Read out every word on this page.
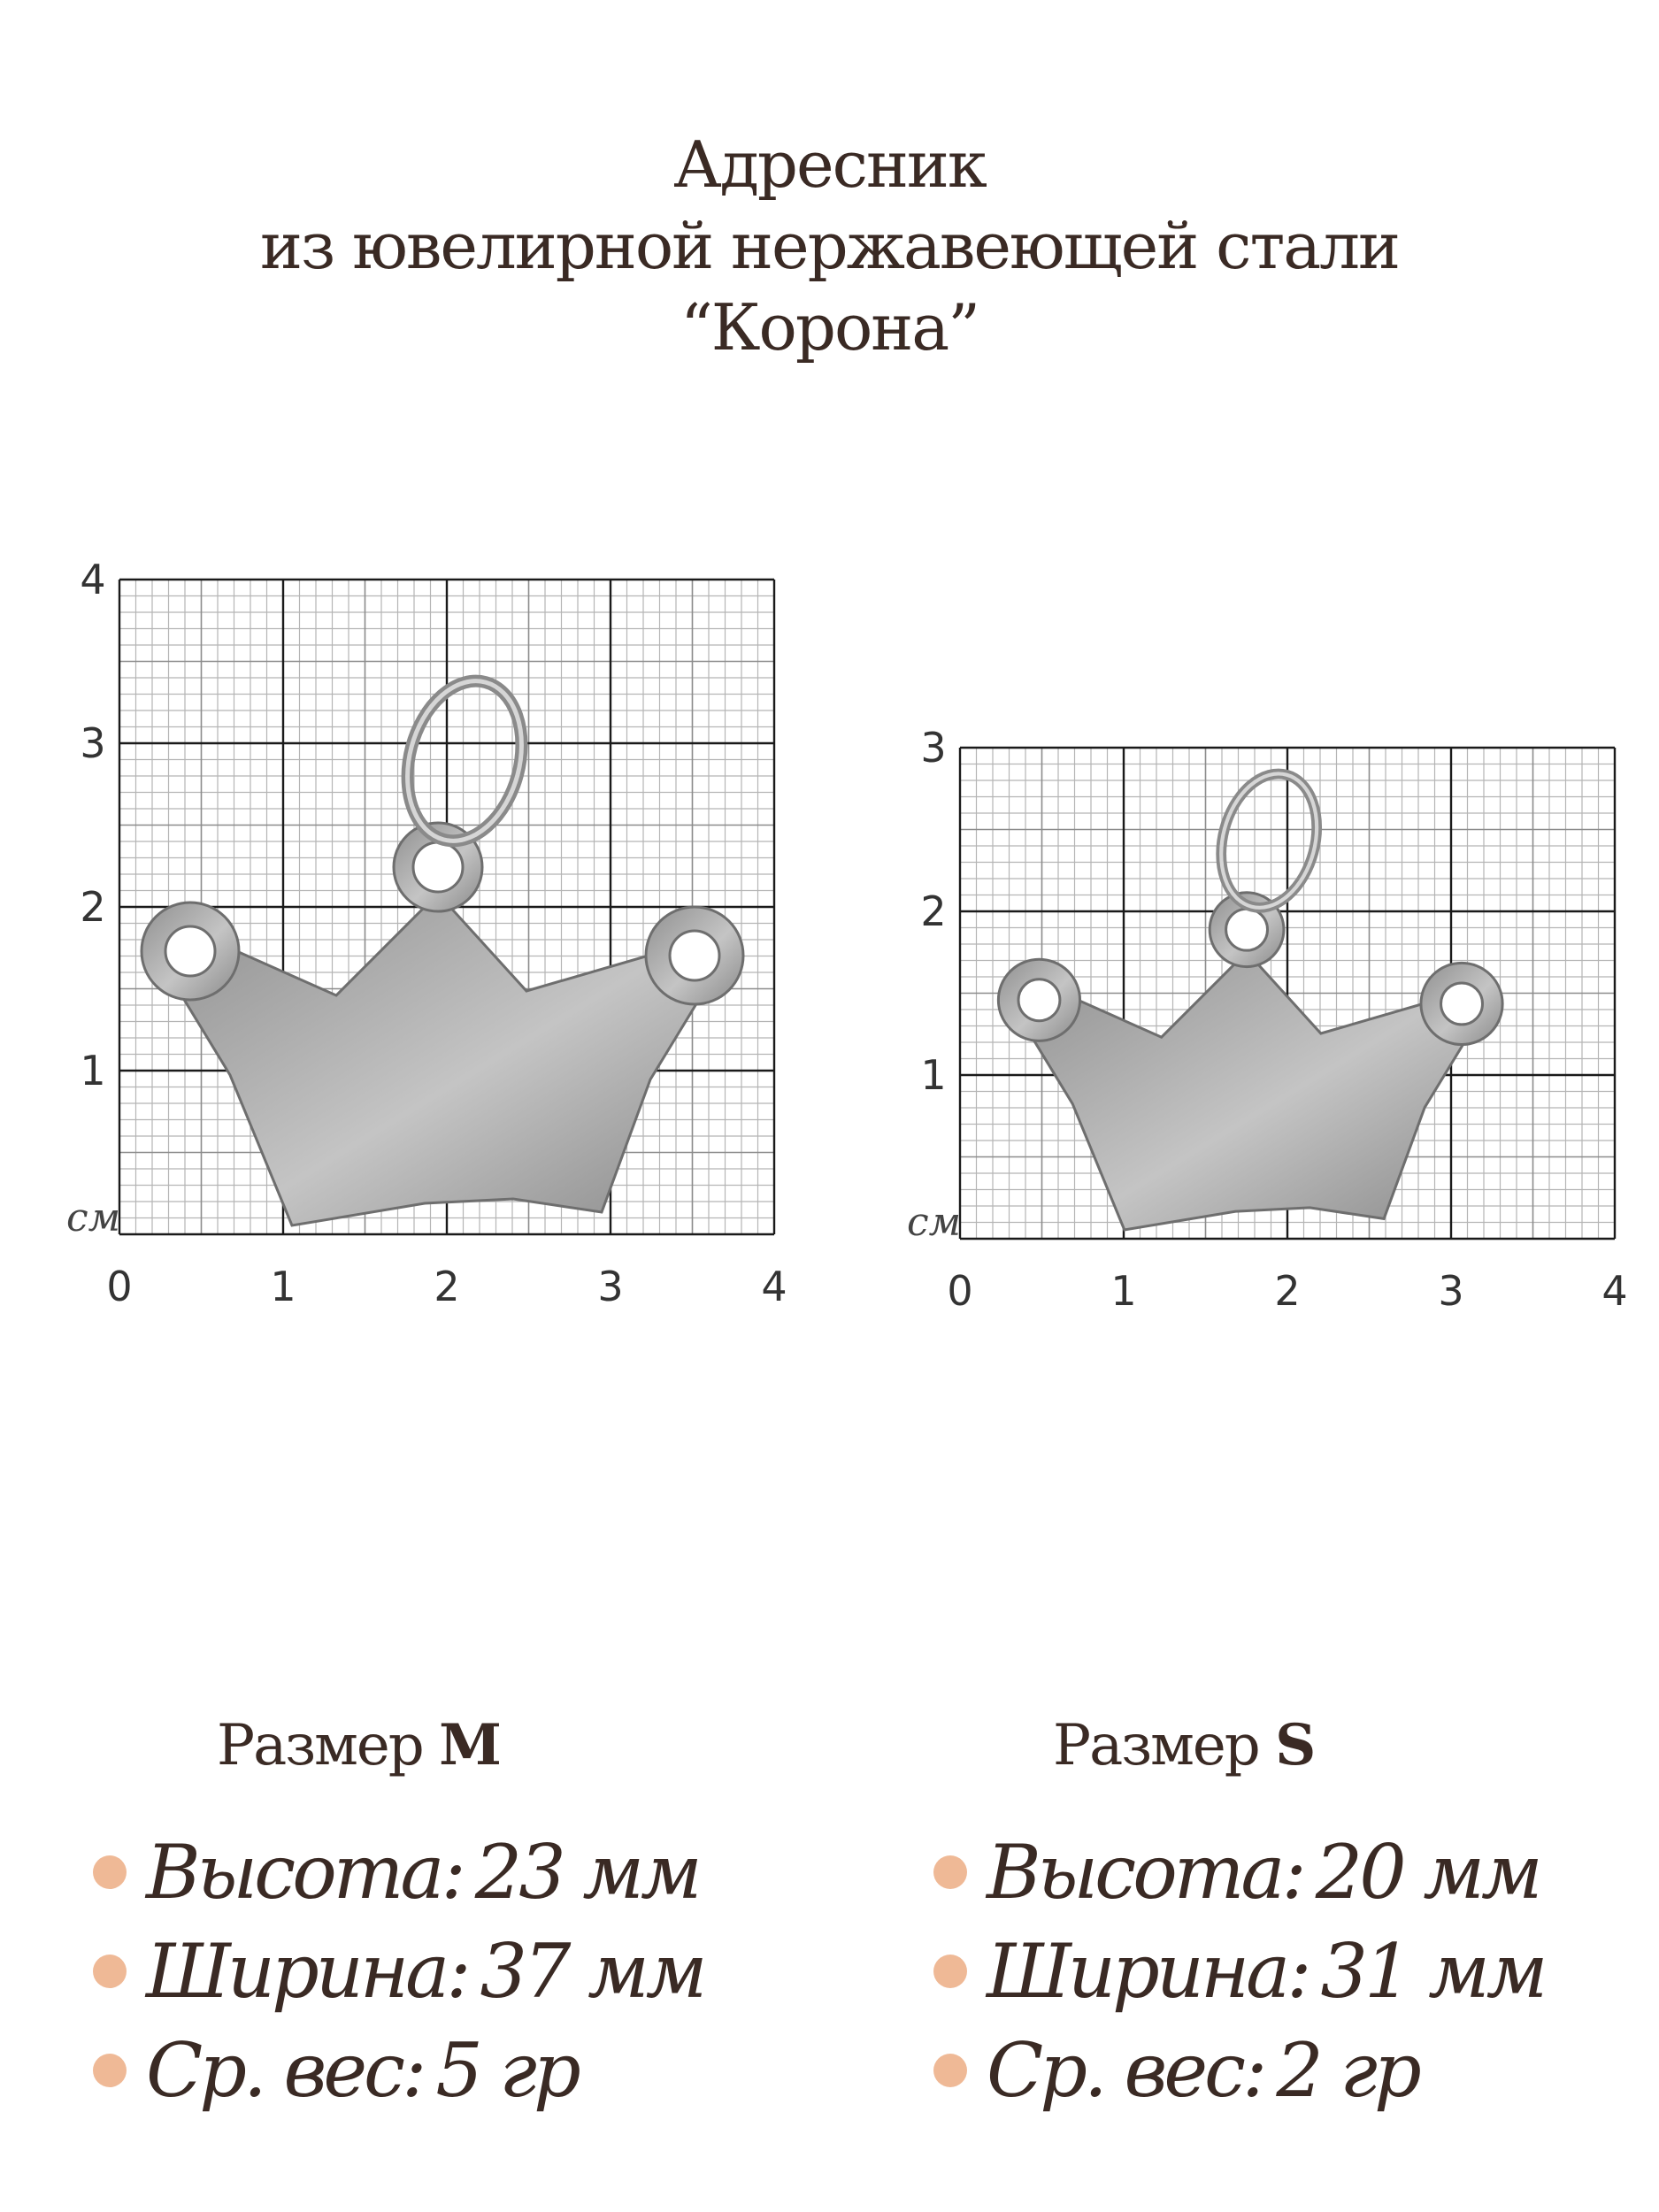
Адресник
из ювелирной нержавеющей стали
“Корона”
0	1	2	3	4
1
2
3
4
см
0	1	2	3	4
1
2
3
см
Размер M
Высота: 23 мм
Ширина: 37 мм
Ср. вес: 5 гр
Размер S
Высота: 20 мм
Ширина: 31 мм
Ср. вес: 2 гр
